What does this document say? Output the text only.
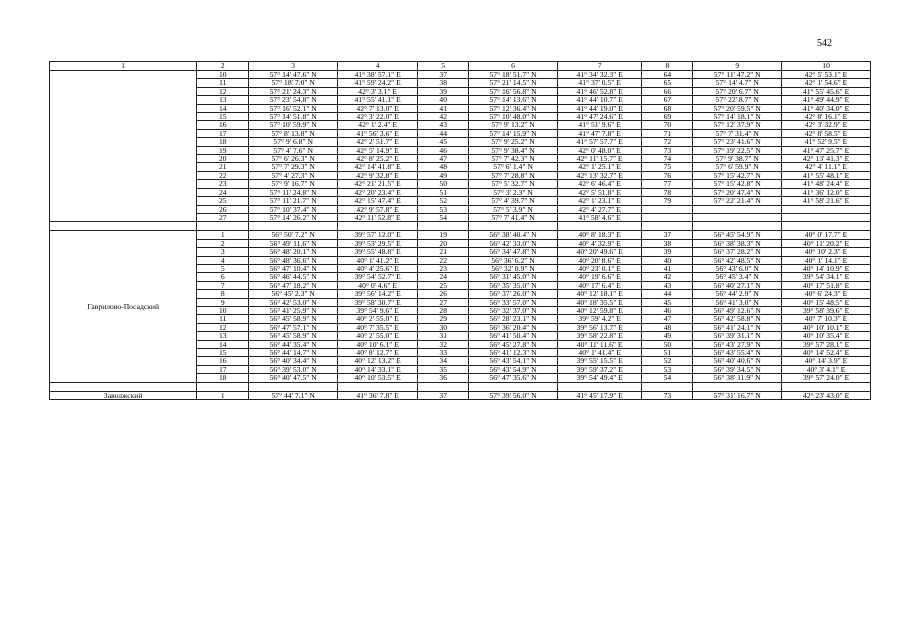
542
1	2	3	4	5	6	7	8	9	10
	10	57° 14' 47.6" N	41° 38' 57.1" E	37	57° 18' 51.7" N	41° 34' 32.3" E	64	57° 11' 47.2" N	42° 5' 53.1" E
	11	57° 18' 7.0" N	41° 59' 24.2" E	38	57° 21' 14.5" N	41° 37' 0.5" E	65	57° 14' 4.7" N	42° 1' 54.6" E
	12	57° 21' 24.3" N	42° 3' 3.1" E	39	57° 16' 56.8" N	41° 46' 52.8" E	66	57° 20' 6.7" N	41° 55' 45.6" E
	13	57° 23' 54.8" N	41° 55' 41.1" E	40	57° 14' 13.6" N	41° 44' 10.7" E	67	57° 22' 8.7" N	41° 49' 44.9" E
	14	57° 16' 52.1" N	42° 7' 13.0" E	41	57° 12' 36.4" N	41° 44' 19.0" E	68	57° 20' 59.5" N	41° 40' 34.0" E
	15	57° 14' 51.8" N	42° 3' 22.0" E	42	57° 10' 48.0" N	41° 47' 24.6" E	69	57° 14' 18.1" N	42° 8' 16.1" E
	16	57° 10' 59.9" N	42° 1' 2.4" E	43	57° 9' 13.2" N	41° 51' 9.6" E	70	57° 12' 37.9" N	42° 3' 32.9" E
	17	57° 8' 13.8" N	41° 56' 3.6" E	44	57° 14' 15.9" N	41° 47' 7.8" E	71	57° 7' 31.4" N	42° 8' 58.5" E
	18	57° 9' 6.8" N	42° 2' 51.7" E	45	57° 9' 25.2" N	41° 57' 57.7" E	72	57° 23' 41.6" N	41° 52' 9.5" E
	19	57° 4' 7.6" N	42° 5' 14.9" E	46	57° 9' 38.4" N	42° 0' 48.0" E	73	57° 19' 22.5" N	41° 47' 25.7" E
	20	57° 6' 26.3" N	42° 8' 25.2" E	47	57° 7' 42.3" N	42° 11' 15.7" E	74	57° 9' 38.7" N	42° 13' 41.3" E
	21	57° 7' 29.3" N	42° 14' 41.8" E	48	57° 6' 1.4" N	42° 1' 25.1" E	75	57° 6' 59.9" N	42° 4' 11.1" E
	22	57° 4' 27.3" N	42° 9' 32.8" E	49	57° 7' 28.8" N	42° 13' 32.7" E	76	57° 15' 42.7" N	41° 55' 48.1" E
	23	57° 9' 16.7" N	42° 21' 21.5" E	50	57° 5' 32.7" N	42° 6' 46.4" E	77	57° 15' 42.8" N	41° 48' 24.4" E
	24	57° 11' 24.8" N	42° 20' 23.4" E	51	57° 3' 2.3" N	42° 5' 51.8" E	78	57° 20' 47.4" N	41° 36' 12.0" E
	25	57° 11' 21.7" N	42° 15' 47.4" E	52	57° 4' 39.7" N	42° 1' 23.1" E	79	57° 22' 21.4" N	41° 58' 21.6" E
	26	57° 10' 37.4" N	42° 9' 57.8" E	53	57° 5' 3.9" N	42° 4' 27.7" E			
	27	57° 14' 26.2" N	42° 11' 52.8" E	54	57° 7' 41.4" N	41° 58' 4.6" E			

Гаврилово-Посадский	1	56° 50' 7.2" N	39° 57' 12.0" E	19	56° 38' 40.4" N	40° 8' 18.3" E	37	56° 45' 54.9" N	40° 0' 17.7" E
	2	56° 49' 11.6" N	39° 53' 29.5" E	20	56° 42' 33.0" N	40° 4' 32.9" E	38	56° 38' 38.3" N	40° 11' 20.2" E
	3	56° 48' 20.1" N	39° 55' 48.8" E	21	56° 34' 47.8" N	40° 20' 49.6" E	39	56° 37' 28.2" N	40° 10' 2.3" E
	4	56° 48' 36.6" N	40° 1' 41.2" E	22	56° 36' 6.2" N	40° 20' 8.6" E	40	56° 42' 48.5" N	40° 1' 14.1" E
	5	56° 47' 10.4" N	40° 4' 25.6" E	23	56° 32' 0.9" N	40° 23' 0.1" E	41	56° 43' 6.0" N	40° 14' 10.9" E
	6	56° 46' 44.5" N	39° 54' 52.7" E	24	56° 31' 45.0" N	40° 19' 6.6" E	42	56° 45' 3.4" N	39° 54' 34.1" E
	7	56° 47' 18.2" N	40° 0' 4.6" E	25	56° 35' 35.0" N	40° 17' 6.4" E	43	56° 40' 27.1" N	40° 17' 51.8" E
	8	56° 45' 2.3" N	39° 56' 14.2" E	26	56° 37' 26.0" N	40° 12' 18.1" E	44	56° 44' 2.9" N	40° 6' 24.3" E
	9	56° 42' 53.0" N	39° 58' 30.7" E	27	56° 33' 57.0" N	40° 18' 35.5" E	45	56° 41' 3.0" N	40° 15' 48.5" E
	10	56° 41' 25.9" N	39° 54' 9.6" E	28	56° 32' 37.0" N	40° 12' 59.8" E	46	56° 49' 12.6" N	39° 58' 39.6" E
	11	56° 45' 58.9" N	40° 2' 55.0" E	29	56° 28' 23.1" N	39° 59' 4.2" E	47	56° 42' 58.8" N	40° 7' 10.3" E
	12	56° 47' 57.1" N	40° 7' 35.5" E	30	56° 36' 20.4" N	39° 56' 13.7" E	48	56° 41' 24.1" N	40° 10' 10.1" E
	13	56° 45' 58.9" N	40° 2' 55.0" E	31	56° 41' 50.4" N	39° 58' 22.8" E	49	56° 39' 31.1" N	40° 10' 35.4" E
	14	56° 44' 35.4" N	40° 10' 6.1" E	32	56° 45' 27.8" N	40° 11' 11.6" E	50	56° 43' 27.9" N	39° 57' 28.1" E
	15	56° 44' 14.7" N	40° 8' 12.7" E	33	56° 41' 12.3" N	40° 1' 41.4" E	51	56° 43' 55.4" N	40° 14' 52.4" E
	16	56° 40' 34.4" N	40° 12' 13.2" E	34	56° 43' 54.1" N	39° 55' 15.5" E	52	56° 40' 40.6" N	40° 14' 3.9" E
	17	56° 39' 53.0" N	40° 14' 33.1" E	35	56° 43' 54.9" N	39° 59' 37.2" E	53	56° 39' 34.5" N	40° 3' 4.1" E
	18	56° 40' 47.5" N	40° 10' 53.5" E	36	56° 47' 35.6" N	39° 54' 49.4" E	54	56° 38' 11.9" N	39° 57' 24.0" E

Заволжский	1	57° 44' 7.1" N	41° 36' 7.8" E	37	57° 39' 56.0" N	41° 45' 17.9" E	73	57° 31' 16.7" N	42° 23' 43.0" E
